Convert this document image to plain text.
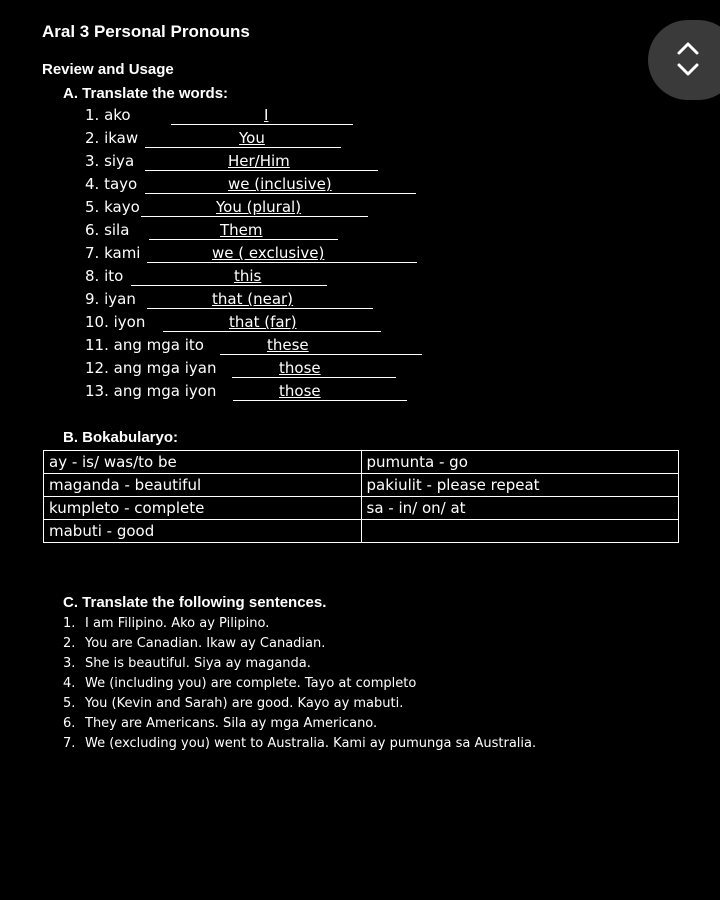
Aral 3 Personal Pronouns
Review and Usage
A. Translate the words:
1. ako	I
2. ikaw	You
3. siya	Her/Him
4. tayo	we (inclusive)
5. kayo	You (plural)
6. sila	Them
7. kami	we ( exclusive)
8. ito	this
9. iyan	that (near)
10. iyon	that (far)
11. ang mga ito	these
12. ang mga iyan	those
13. ang mga iyon	those
B. Bokabularyo:
ay - is/ was/to be	pumunta - go
maganda - beautiful	pakiulit - please repeat
kumpleto - complete	sa - in/ on/ at
mabuti - good	
C. Translate the following sentences.
1. I am Filipino. Ako ay Pilipino.
2. You are Canadian. Ikaw ay Canadian.
3. She is beautiful. Siya ay maganda.
4. We (including you) are complete. Tayo at completo
5. You (Kevin and Sarah) are good. Kayo ay mabuti.
6. They are Americans. Sila ay mga Americano.
7. We (excluding you) went to Australia. Kami ay pumunga sa Australia.
